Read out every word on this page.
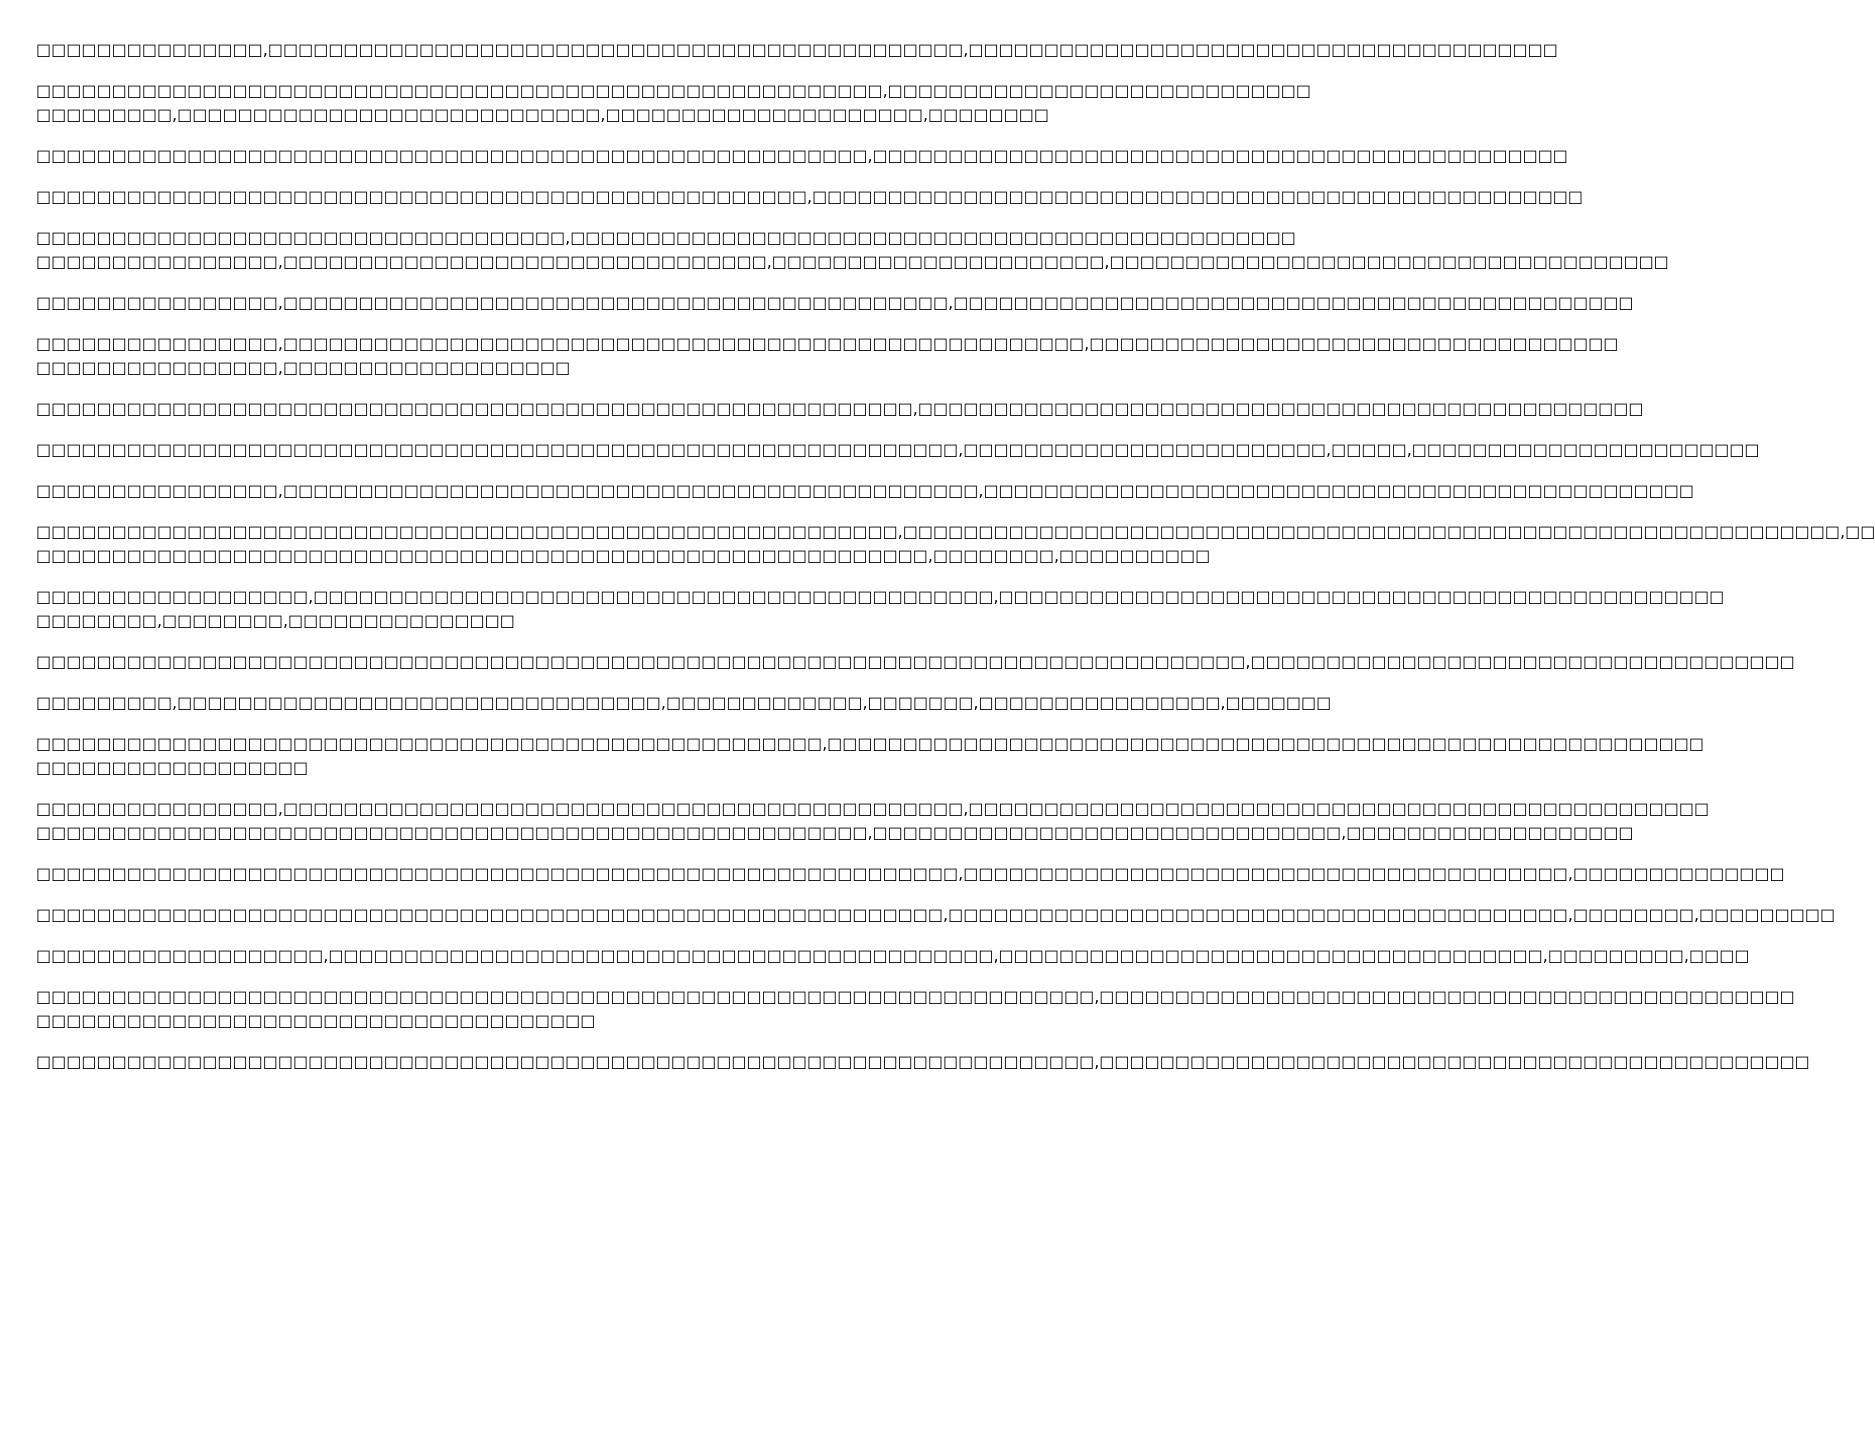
□□□□□□□□□□□□□□□,□□□□□□□□□□□□□□□□□□□□□□□□□□□□□□□□□□□□□□□□□□□□□□,□□□□□□□□□□□□□□□□□□□□□□□□□□□□□□□□□□□□□□□

□□□□□□□□□□□□□□□□□□□□□□□□□□□□□□□□□□□□□□□□□□□□□□□□□□□□□□□□,□□□□□□□□□□□□□□□□□□□□□□□□□□□□
□□□□□□□□□,□□□□□□□□□□□□□□□□□□□□□□□□□□□□,□□□□□□□□□□□□□□□□□□□□□,□□□□□□□□

□□□□□□□□□□□□□□□□□□□□□□□□□□□□□□□□□□□□□□□□□□□□□□□□□□□□□□□,□□□□□□□□□□□□□□□□□□□□□□□□□□□□□□□□□□□□□□□□□□□□□□

□□□□□□□□□□□□□□□□□□□□□□□□□□□□□□□□□□□□□□□□□□□□□□□□□□□,□□□□□□□□□□□□□□□□□□□□□□□□□□□□□□□□□□□□□□□□□□□□□□□□□□□

□□□□□□□□□□□□□□□□□□□□□□□□□□□□□□□□□□□,□□□□□□□□□□□□□□□□□□□□□□□□□□□□□□□□□□□□□□□□□□□□□□□□
□□□□□□□□□□□□□□□□,□□□□□□□□□□□□□□□□□□□□□□□□□□□□□□□□,□□□□□□□□□□□□□□□□□□□□□□,□□□□□□□□□□□□□□□□□□□□□□□□□□□□□□□□□□□□□

□□□□□□□□□□□□□□□□,□□□□□□□□□□□□□□□□□□□□□□□□□□□□□□□□□□□□□□□□□□□□,□□□□□□□□□□□□□□□□□□□□□□□□□□□□□□□□□□□□□□□□□□□□□

□□□□□□□□□□□□□□□□,□□□□□□□□□□□□□□□□□□□□□□□□□□□□□□□□□□□□□□□□□□□□□□□□□□□□□,□□□□□□□□□□□□□□□□□□□□□□□□□□□□□□□□□□□
□□□□□□□□□□□□□□□□,□□□□□□□□□□□□□□□□□□□

□□□□□□□□□□□□□□□□□□□□□□□□□□□□□□□□□□□□□□□□□□□□□□□□□□□□□□□□□□,□□□□□□□□□□□□□□□□□□□□□□□□□□□□□□□□□□□□□□□□□□□□□□□□

□□□□□□□□□□□□□□□□□□□□□□□□□□□□□□□□□□□□□□□□□□□□□□□□□□□□□□□□□□□□□,□□□□□□□□□□□□□□□□□□□□□□□□,□□□□□,□□□□□□□□□□□□□□□□□□□□□□□

□□□□□□□□□□□□□□□□,□□□□□□□□□□□□□□□□□□□□□□□□□□□□□□□□□□□□□□□□□□□□□□,□□□□□□□□□□□□□□□□□□□□□□□□□□□□□□□□□□□□□□□□□□□□□□□

□□□□□□□□□□□□□□□□□□□□□□□□□□□□□□□□□□□□□□□□□□□□□□□□□□□□□□□□□,□□□□□□□□□□□□□□□□□□□□□□□□□□□□□□□□□□□□□□□□□□□□□□□□□□□□□□□□□□□□□□,□□
□□□□□□□□□□□□□□□□□□□□□□□□□□□□□□□□□□□□□□□□□□□□□□□□□□□□□□□□□□□,□□□□□□□□,□□□□□□□□□□

□□□□□□□□□□□□□□□□□□,□□□□□□□□□□□□□□□□□□□□□□□□□□□□□□□□□□□□□□□□□□□□□,□□□□□□□□□□□□□□□□□□□□□□□□□□□□□□□□□□□□□□□□□□□□□□□□
□□□□□□□□,□□□□□□□□,□□□□□□□□□□□□□□□

□□□□□□□□□□□□□□□□□□□□□□□□□□□□□□□□□□□□□□□□□□□□□□□□□□□□□□□□□□□□□□□□□□□□□□□□□□□□□□□□,□□□□□□□□□□□□□□□□□□□□□□□□□□□□□□□□□□□□

□□□□□□□□□,□□□□□□□□□□□□□□□□□□□□□□□□□□□□□□□□,□□□□□□□□□□□□□,□□□□□□□,□□□□□□□□□□□□□□□□,□□□□□□□

□□□□□□□□□□□□□□□□□□□□□□□□□□□□□□□□□□□□□□□□□□□□□□□□□□□□,□□□□□□□□□□□□□□□□□□□□□□□□□□□□□□□□□□□□□□□□□□□□□□□□□□□□□□□□□□
□□□□□□□□□□□□□□□□□□

□□□□□□□□□□□□□□□□,□□□□□□□□□□□□□□□□□□□□□□□□□□□□□□□□□□□□□□□□□□□□□,□□□□□□□□□□□□□□□□□□□□□□□□□□□□□□□□□□□□□□□□□□□□□□□□□
□□□□□□□□□□□□□□□□□□□□□□□□□□□□□□□□□□□□□□□□□□□□□□□□□□□□□□□,□□□□□□□□□□□□□□□□□□□□□□□□□□□□□□□,□□□□□□□□□□□□□□□□□□□

□□□□□□□□□□□□□□□□□□□□□□□□□□□□□□□□□□□□□□□□□□□□□□□□□□□□□□□□□□□□□,□□□□□□□□□□□□□□□□□□□□□□□□□□□□□□□□□□□□□□□□,□□□□□□□□□□□□□□

□□□□□□□□□□□□□□□□□□□□□□□□□□□□□□□□□□□□□□□□□□□□□□□□□□□□□□□□□□□□,□□□□□□□□□□□□□□□□□□□□□□□□□□□□□□□□□□□□□□□□□,□□□□□□□□,□□□□□□□□□

□□□□□□□□□□□□□□□□□□□,□□□□□□□□□□□□□□□□□□□□□□□□□□□□□□□□□□□□□□□□□□□□,□□□□□□□□□□□□□□□□□□□□□□□□□□□□□□□□□□□□,□□□□□□□□□,□□□□

□□□□□□□□□□□□□□□□□□□□□□□□□□□□□□□□□□□□□□□□□□□□□□□□□□□□□□□□□□□□□□□□□□□□□□,□□□□□□□□□□□□□□□□□□□□□□□□□□□□□□□□□□□□□□□□□□□□□□
□□□□□□□□□□□□□□□□□□□□□□□□□□□□□□□□□□□□□

□□□□□□□□□□□□□□□□□□□□□□□□□□□□□□□□□□□□□□□□□□□□□□□□□□□□□□□□□□□□□□□□□□□□□□,□□□□□□□□□□□□□□□□□□□□□□□□□□□□□□□□□□□□□□□□□□□□□□□
